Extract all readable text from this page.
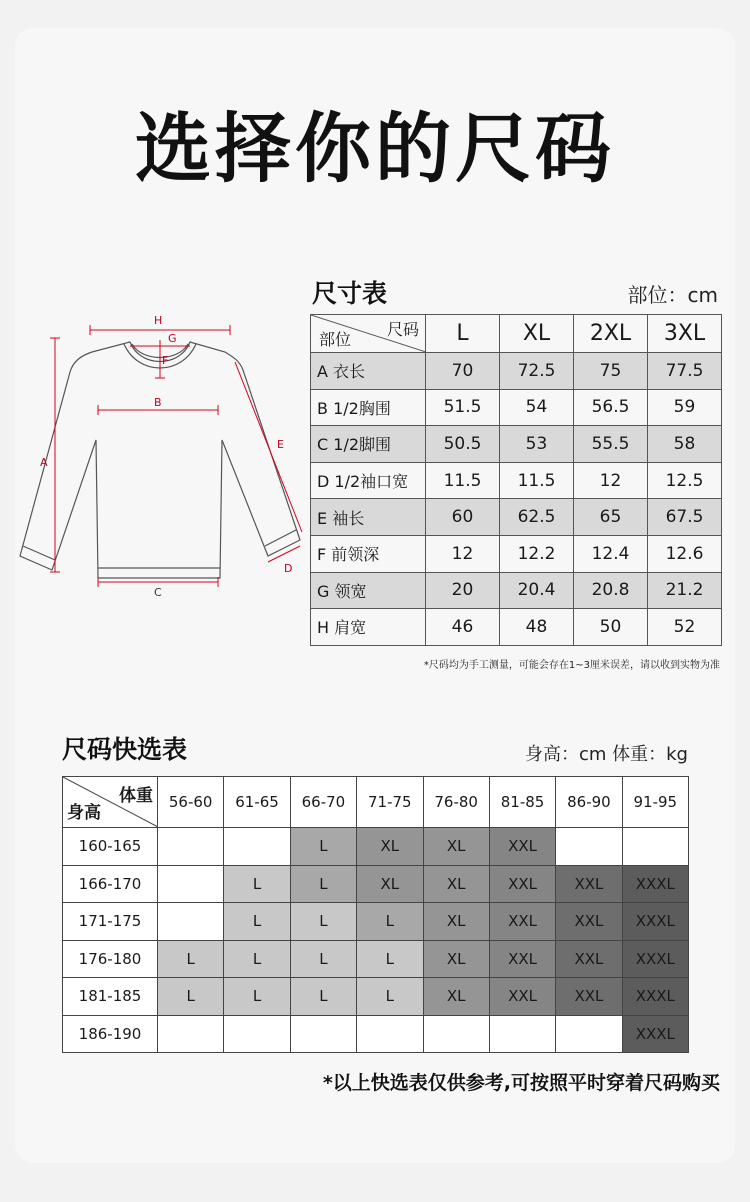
选择你的尺码
尺寸表	部位：cm
A
H
G
F
B
C
E
D
尺码
部位	L	XL	2XL	3XL
A 衣长	70	72.5	75	77.5
B 1/2胸围	51.5	54	56.5	59
C 1/2脚围	50.5	53	55.5	58
D 1/2袖口宽	11.5	11.5	12	12.5
E 袖长	60	62.5	65	67.5
F 前领深	12	12.2	12.4	12.6
G 领宽	20	20.4	20.8	21.2
H 肩宽	46	48	50	52
*尺码均为手工测量，可能会存在1~3厘米误差，请以收到实物为准
尺码快选表	身高：cm 体重：kg
体重
身高	56-60	61-65	66-70	71-75	76-80	81-85	86-90	91-95
160-165			L	XL	XL	XXL		
166-170		L	L	XL	XL	XXL	XXL	XXXL
171-175		L	L	L	XL	XXL	XXL	XXXL
176-180	L	L	L	L	XL	XXL	XXL	XXXL
181-185	L	L	L	L	XL	XXL	XXL	XXXL
186-190								XXXL
*以上快选表仅供参考,可按照平时穿着尺码购买
